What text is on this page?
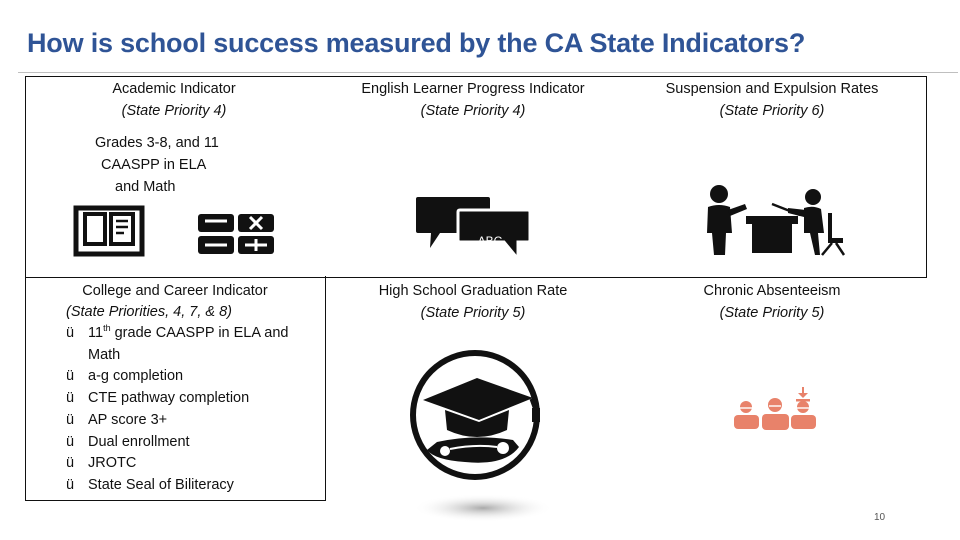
How is school success measured by the CA State Indicators?
Academic Indicator
(State Priority 4)
Grades 3-8, and 11
CAASPP in ELA
and Math
English Learner Progress Indicator
(State Priority 4)
ABC
Suspension and Expulsion Rates
(State Priority 6)
College and Career Indicator
(State Priorities, 4, 7, & 8)
ü 11th grade CAASPP in ELA and
Math
ü a-g completion
ü CTE pathway completion
ü AP score 3+
ü Dual enrollment
ü JROTC
ü State Seal of Biliteracy
High School Graduation Rate
(State Priority 5)
Chronic Absenteeism
(State Priority 5)
10
